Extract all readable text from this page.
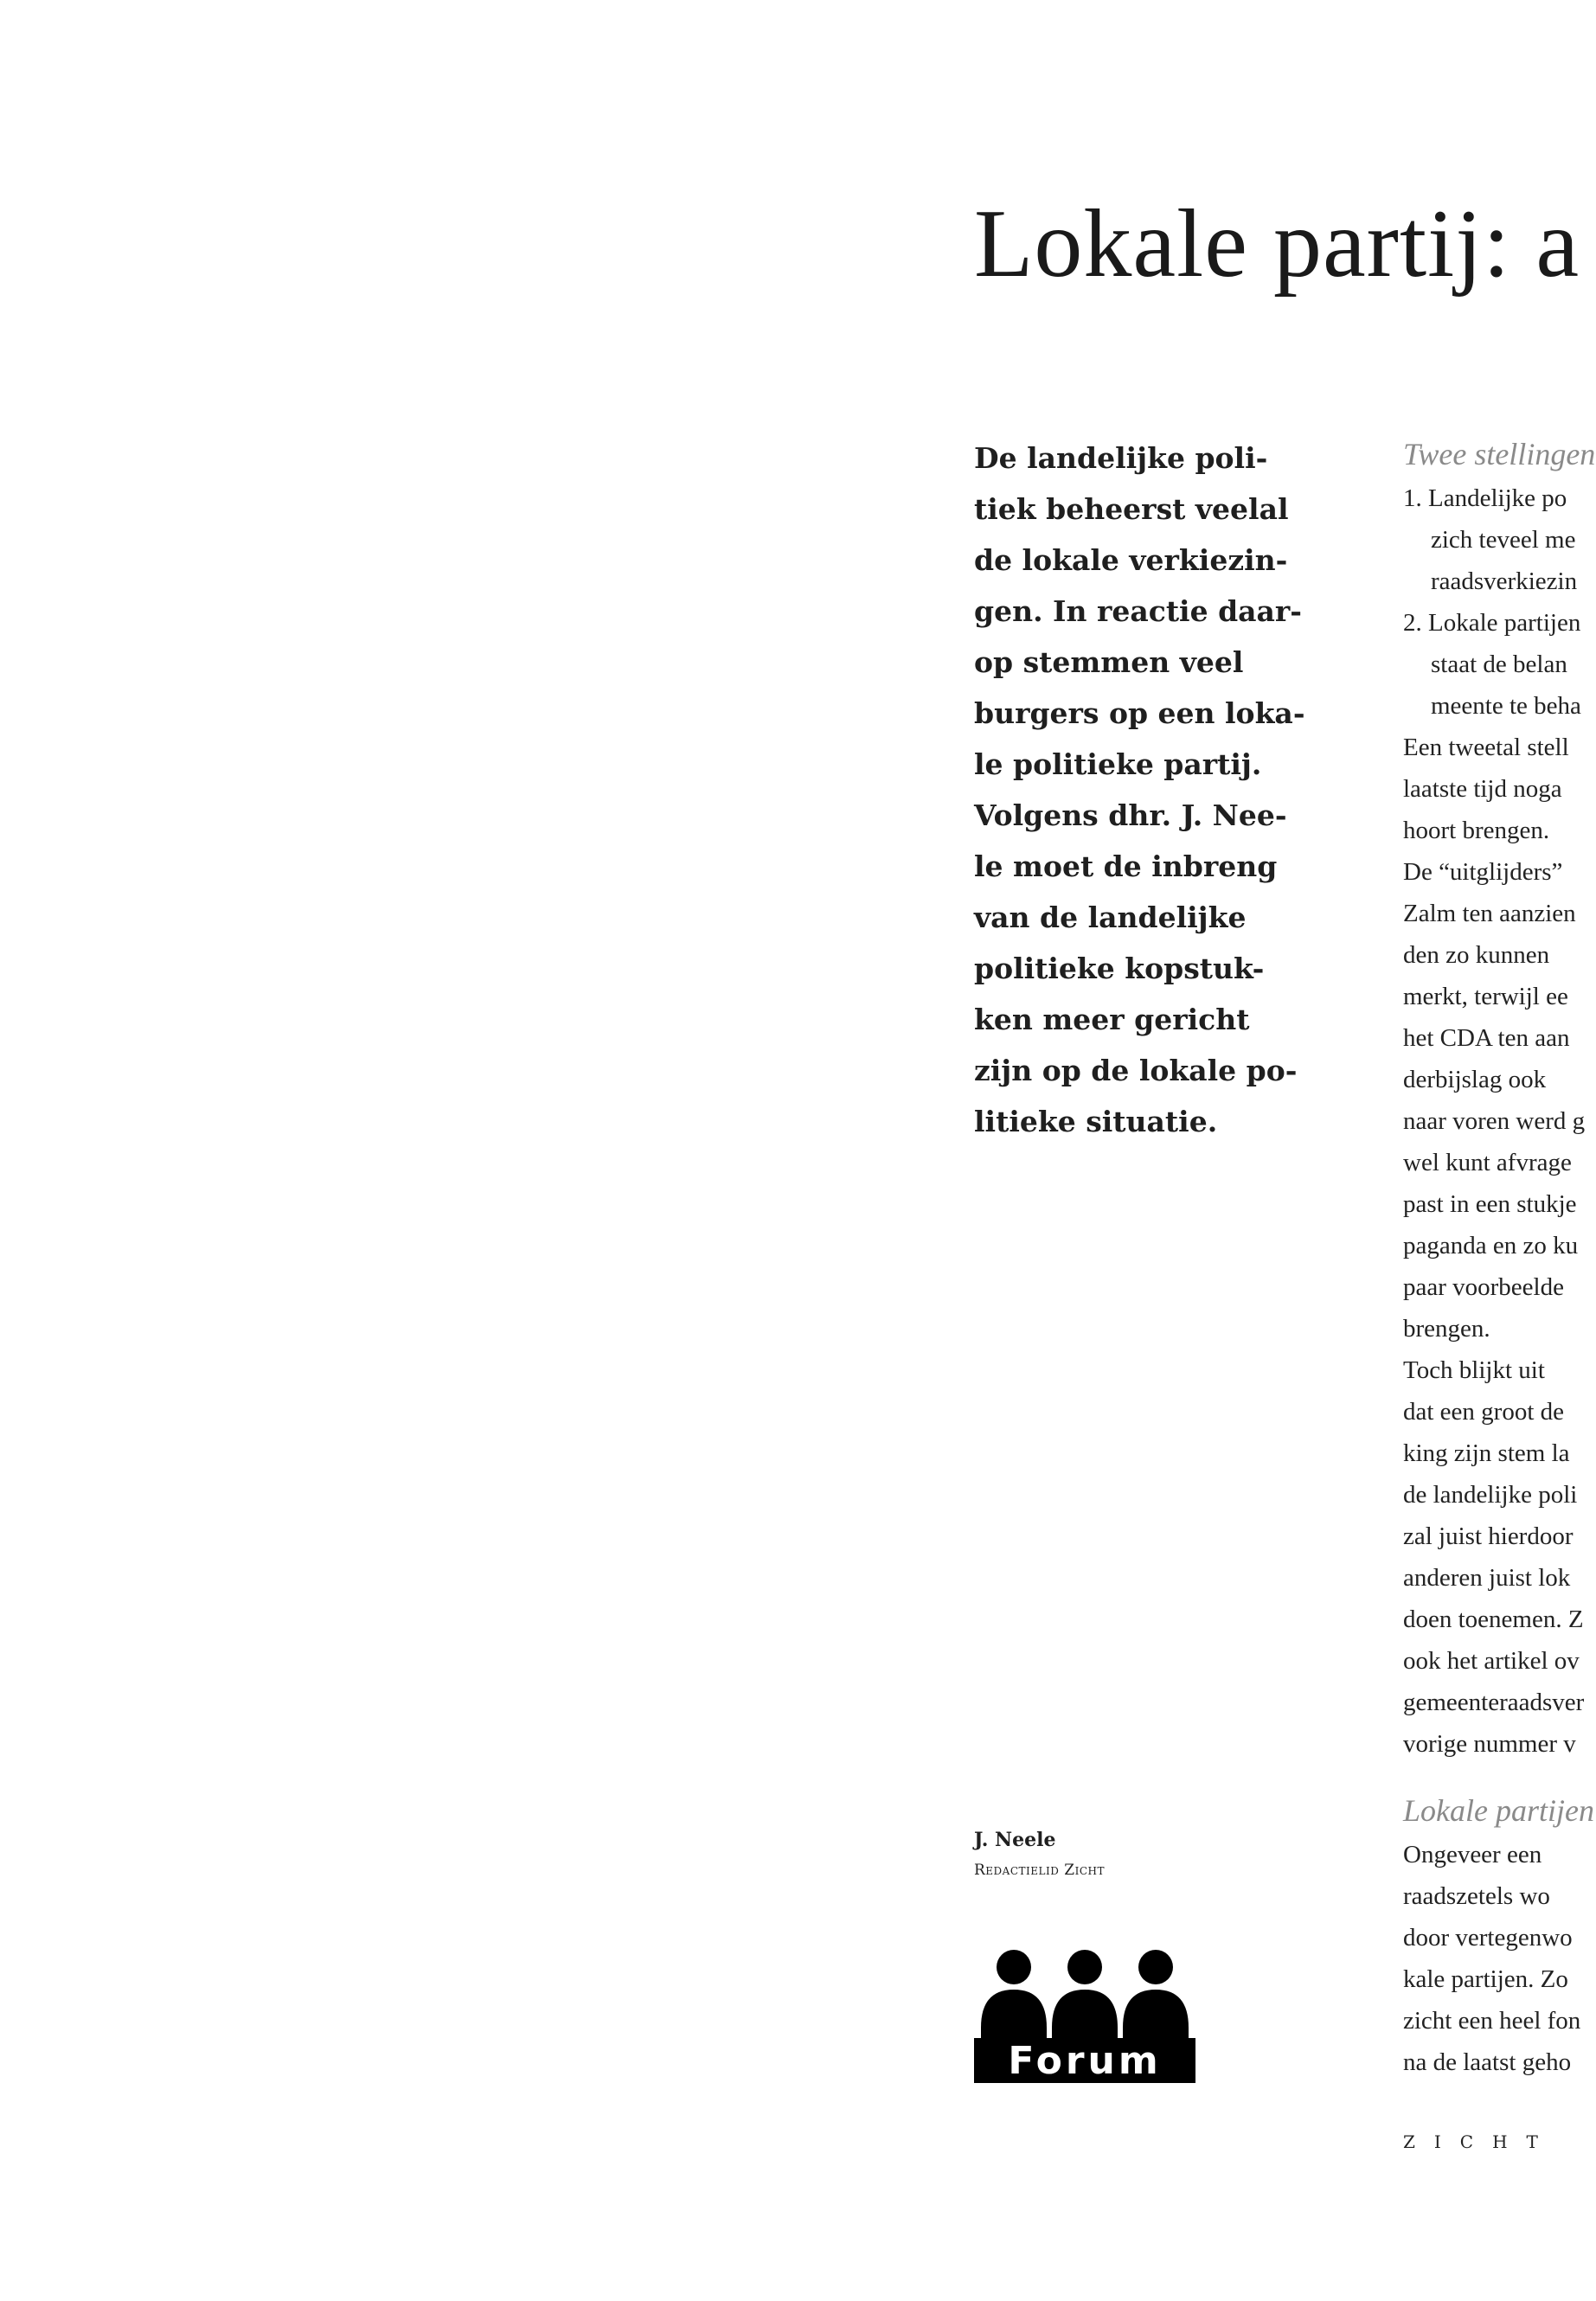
Lokale partij: a
De landelijke poli-
tiek beheerst veelal
de lokale verkiezin-
gen. In reactie daar-
op stemmen veel
burgers op een loka-
le politieke partij.
Volgens dhr. J. Nee-
le moet de inbreng
van de landelijke
politieke kopstuk-
ken meer gericht
zijn op de lokale po-
litieke situatie.
Twee stellingen
1. Landelijke po
zich teveel me
raadsverkiezin
2. Lokale partijen
staat de belan
meente te beha
Een tweetal stell
laatste tijd noga
hoort brengen.
De “uitglijders”
Zalm ten aanzien
den zo kunnen
merkt, terwijl ee
het CDA ten aan
derbijslag ook
naar voren werd g
wel kunt afvrage
past in een stukje
paganda en zo ku
paar voorbeelde
brengen.
Toch blijkt uit
dat een groot de
king zijn stem la
de landelijke poli
zal juist hierdoor
anderen juist lok
doen toenemen. Z
ook het artikel ov
gemeenteraadsver
vorige nummer v
Lokale partijen
Ongeveer een
raadszetels wo
door vertegenwo
kale partijen. Zo
zicht een heel fon
na de laatst geho
J. Neele
Redactielid Zicht
Forum
ZICHT
